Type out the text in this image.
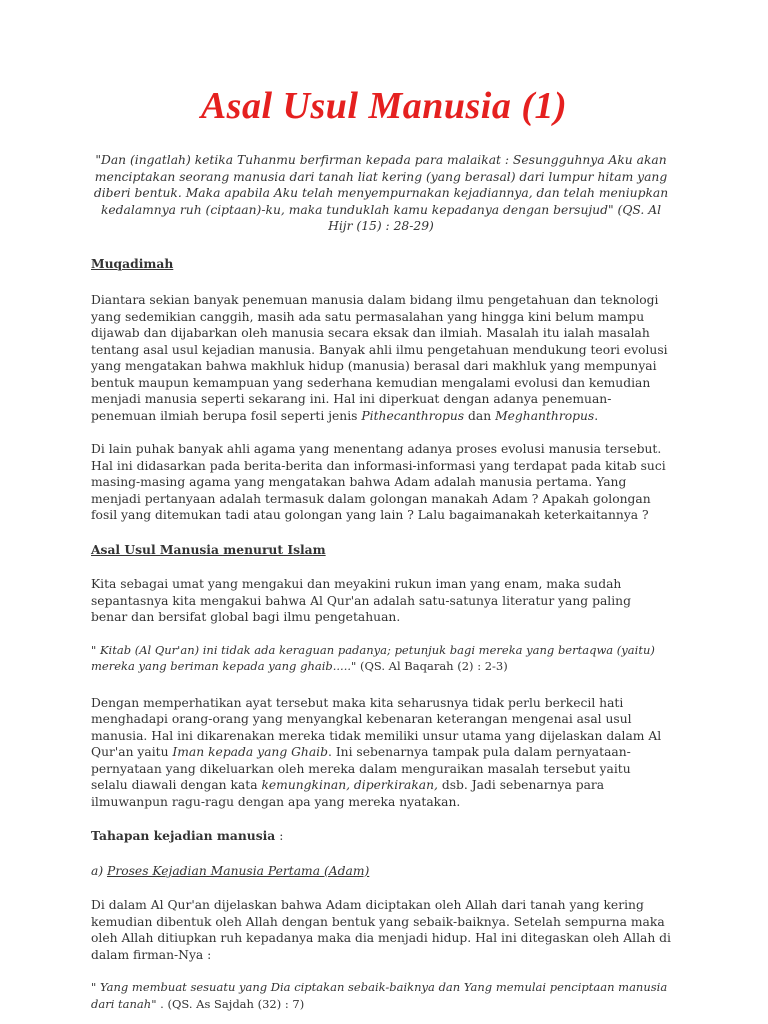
Asal Usul Manusia (1)

"Dan (ingatlah) ketika Tuhanmu berfirman kepada para malaikat : Sesungguhnya Aku akan menciptakan seorang manusia dari tanah liat kering (yang berasal) dari lumpur hitam yang diberi bentuk. Maka apabila Aku telah menyempurnakan kejadiannya, dan telah meniupkan kedalamnya ruh (ciptaan)-ku, maka tunduklah kamu kepadanya dengan bersujud" (QS. Al Hijr (15) : 28-29)

Muqadimah

Diantara sekian banyak penemuan manusia dalam bidang ilmu pengetahuan dan teknologi yang sedemikian canggih, masih ada satu permasalahan yang hingga kini belum mampu dijawab dan dijabarkan oleh manusia secara eksak dan ilmiah. Masalah itu ialah masalah tentang asal usul kejadian manusia. Banyak ahli ilmu pengetahuan mendukung teori evolusi yang mengatakan bahwa makhluk hidup (manusia) berasal dari makhluk yang mempunyai bentuk maupun kemampuan yang sederhana kemudian mengalami evolusi dan kemudian menjadi manusia seperti sekarang ini. Hal ini diperkuat dengan adanya penemuan-penemuan ilmiah berupa fosil seperti jenis Pithecanthropus dan Meghanthropus.

Di lain puhak banyak ahli agama yang menentang adanya proses evolusi manusia tersebut. Hal ini didasarkan pada berita-berita dan informasi-informasi yang terdapat pada kitab suci masing-masing agama yang mengatakan bahwa Adam adalah manusia pertama. Yang menjadi pertanyaan adalah termasuk dalam golongan manakah Adam ? Apakah golongan fosil yang ditemukan tadi atau golongan yang lain ? Lalu bagaimanakah keterkaitannya ?

Asal Usul Manusia menurut Islam

Kita sebagai umat yang mengakui dan meyakini rukun iman yang enam, maka sudah sepantasnya kita mengakui bahwa Al Qur'an adalah satu-satunya literatur yang paling benar dan bersifat global bagi ilmu pengetahuan.

" Kitab (Al Qur'an) ini tidak ada keraguan padanya; petunjuk bagi mereka yang bertaqwa (yaitu) mereka yang beriman kepada yang ghaib....." (QS. Al Baqarah (2) : 2-3)

Dengan memperhatikan ayat tersebut maka kita seharusnya tidak perlu berkecil hati menghadapi orang-orang yang menyangkal kebenaran keterangan mengenai asal usul manusia. Hal ini dikarenakan mereka tidak memiliki unsur utama yang dijelaskan dalam Al Qur'an yaitu Iman kepada yang Ghaib. Ini sebenarnya tampak pula dalam pernyataan-pernyataan yang dikeluarkan oleh mereka dalam menguraikan masalah tersebut yaitu selalu diawali dengan kata kemungkinan, diperkirakan, dsb. Jadi sebenarnya para ilmuwanpun ragu-ragu dengan apa yang mereka nyatakan.

Tahapan kejadian manusia :

a) Proses Kejadian Manusia Pertama (Adam)

Di dalam Al Qur'an dijelaskan bahwa Adam diciptakan oleh Allah dari tanah yang kering kemudian dibentuk oleh Allah dengan bentuk yang sebaik-baiknya. Setelah sempurna maka oleh Allah ditiupkan ruh kepadanya maka dia menjadi hidup. Hal ini ditegaskan oleh Allah di dalam firman-Nya :

" Yang membuat sesuatu yang Dia ciptakan sebaik-baiknya dan Yang memulai penciptaan manusia dari tanah" . (QS. As Sajdah (32) : 7)
